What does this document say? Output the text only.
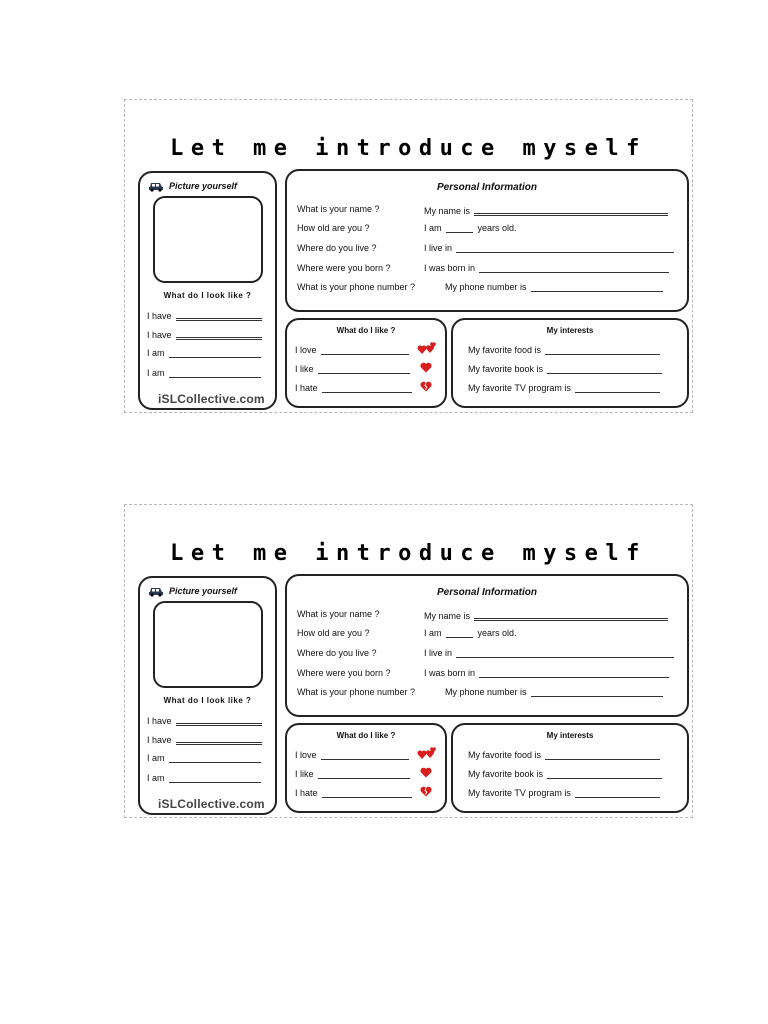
Let me introduce myself
Picture yourself
What do I look like ?
I have
I have
I am
I am
iSLCollective.com
Personal Information
What is your name ?	My name is
How old are you ?	I am	years old.
Where do you live ?	I live in
Where were you born ?	I was born in
What is your phone number ?	My phone number is
What do I like ?
I love
I like
I hate
My interests
My favorite food is
My favorite book is
My favorite TV program is
Let me introduce myself
Picture yourself
What do I look like ?
I have
I have
I am
I am
iSLCollective.com
Personal Information
What is your name ?	My name is
How old are you ?	I am	years old.
Where do you live ?	I live in
Where were you born ?	I was born in
What is your phone number ?	My phone number is
What do I like ?
I love
I like
I hate
My interests
My favorite food is
My favorite book is
My favorite TV program is
